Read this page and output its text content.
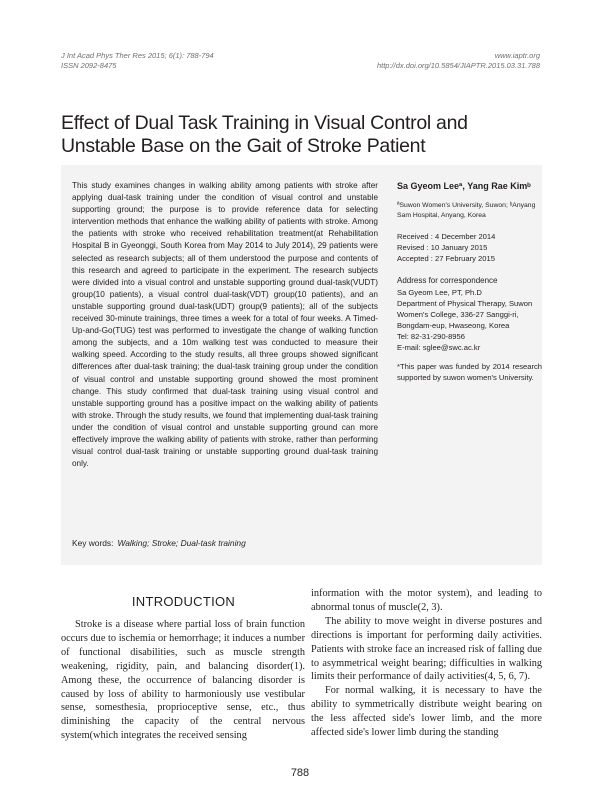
J Int Acad Phys Ther Res 2015; 6(1): 788-794
ISSN 2092-8475
www.iaptr.org
http://dx.doi.org/10.5854/JIAPTR.2015.03.31.788
Effect of Dual Task Training in Visual Control and Unstable Base on the Gait of Stroke Patient
This study examines changes in walking ability among patients with stroke after applying dual-task training under the condition of visual control and unstable supporting ground; the purpose is to provide reference data for selecting intervention methods that enhance the walking ability of patients with stroke. Among the patients with stroke who received rehabilitation treatment(at Rehabilitation Hospital B in Gyeonggi, South Korea from May 2014 to July 2014), 29 patients were selected as research subjects; all of them understood the purpose and contents of this research and agreed to participate in the experiment. The research subjects were divided into a visual control and unstable supporting ground dual-task(VUDT) group(10 patients), a visual control dual-task(VDT) group(10 patients), and an unstable supporting ground dual-task(UDT) group(9 patients); all of the subjects received 30-minute trainings, three times a week for a total of four weeks. A Timed-Up-and-Go(TUG) test was performed to investigate the change of walking function among the subjects, and a 10m walking test was conducted to measure their walking speed. According to the study results, all three groups showed significant differences after dual-task training; the dual-task training group under the condition of visual control and unstable supporting ground showed the most prominent change. This study confirmed that dual-task training using visual control and unstable supporting ground has a positive impact on the walking ability of patients with stroke. Through the study results, we found that implementing dual-task training under the condition of visual control and unstable supporting ground can more effectively improve the walking ability of patients with stroke, rather than performing visual control dual-task training or unstable supporting ground dual-task training only.
Key words: Walking; Stroke; Dual-task training
Sa Gyeom Leeª, Yang Rae Kimᵇ
ªSuwon Women's University, Suwon; ᵇAnyang Sam Hospital, Anyang, Korea
Received : 4 December 2014
Revised : 10 January 2015
Accepted : 27 February 2015
Address for correspondence
Sa Gyeom Lee, PT, Ph.D
Department of Physical Therapy, Suwon Women's College, 336-27 Sanggi-ri, Bongdam-eup, Hwaseong, Korea
Tel: 82-31-290-8956
E-mail: sglee@swc.ac.kr
*This paper was funded by 2014 research supported by suwon women's University.
INTRODUCTION

Stroke is a disease where partial loss of brain function occurs due to ischemia or hemorrhage; it induces a number of functional disabilities, such as muscle strength weakening, rigidity, pain, and balancing disorder(1). Among these, the occurrence of balancing disorder is caused by loss of ability to harmoniously use vestibular sense, somesthesia, proprioceptive sense, etc., thus diminishing the capacity of the central nervous system(which integrates the received sensing

information with the motor system), and leading to abnormal tonus of muscle(2, 3).

The ability to move weight in diverse postures and directions is important for performing daily activities. Patients with stroke face an increased risk of falling due to asymmetrical weight bearing; difficulties in walking limits their performance of daily activities(4, 5, 6, 7).

For normal walking, it is necessary to have the ability to symmetrically distribute weight bearing on the less affected side's lower limb, and the more affected side's lower limb during the standing

788
